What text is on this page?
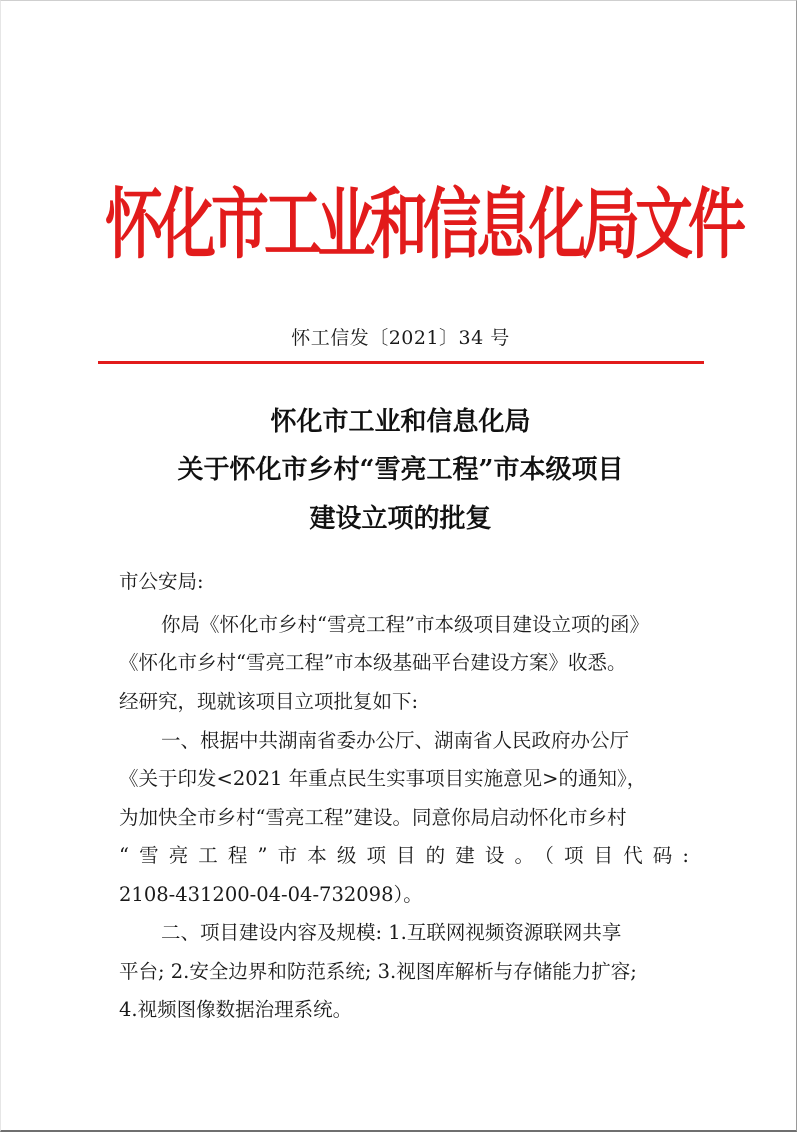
怀化市工业和信息化局文件
怀工信发〔2021〕34 号
怀化市工业和信息化局
关于怀化市乡村“雪亮工程”市本级项目
建设立项的批复
市公安局:
你局《怀化市乡村“雪亮工程”市本级项目建设立项的函》
《怀化市乡村“雪亮工程”市本级基础平台建设方案》收悉。
经研究，现就该项目立项批复如下:
一、根据中共湖南省委办公厅、湖南省人民政府办公厅
《关于印发<2021 年重点民生实事项目实施意见>的通知》，
为加快全市乡村“雪亮工程”建设。同意你局启动怀化市乡村
“雪亮工程”市本级项目的建设。（项目代码:
2108-431200-04-04-732098）。
二、项目建设内容及规模: 1.互联网视频资源联网共享
平台; 2.安全边界和防范系统; 3.视图库解析与存储能力扩容;
4.视频图像数据治理系统。
